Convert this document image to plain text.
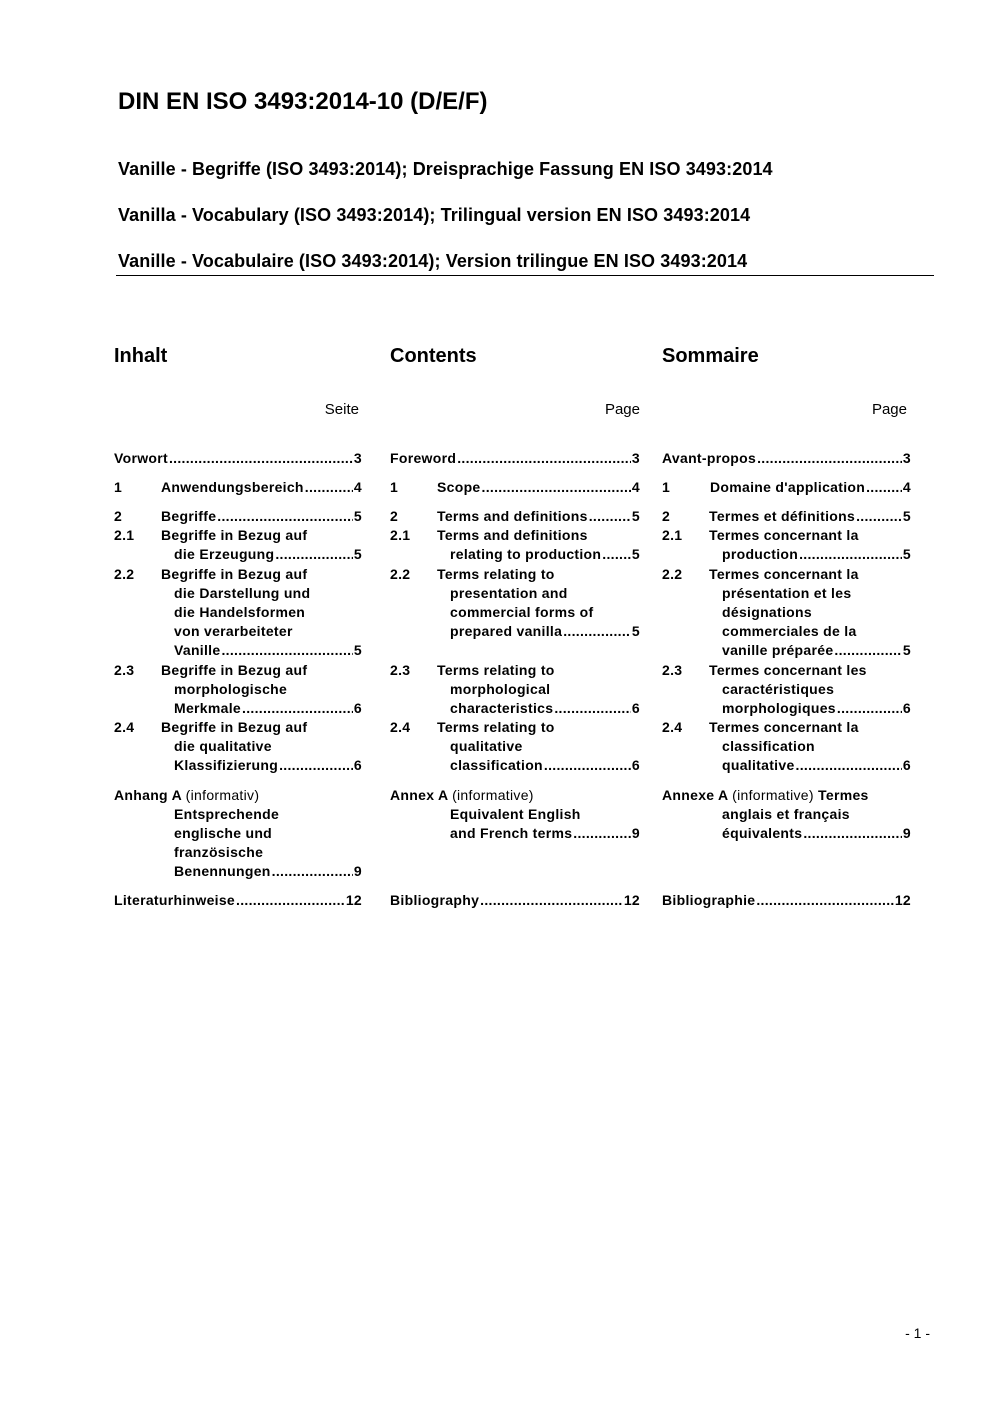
DIN EN ISO 3493:2014-10 (D/E/F)
Vanille - Begriffe (ISO 3493:2014); Dreisprachige Fassung EN ISO 3493:2014
Vanilla - Vocabulary (ISO 3493:2014); Trilingual version EN ISO 3493:2014
Vanille - Vocabulaire (ISO 3493:2014); Version trilingue EN ISO 3493:2014
Inhalt
Seite
Vorwort .....	3
1	Anwendungsbereich .....	4
2	Begriffe .....	5
2.1 Begriffe in Bezug auf
die Erzeugung .....	5
2.2 Begriffe in Bezug auf
die Darstellung und
die Handelsformen
von verarbeiteter
Vanille .....	5
2.3 Begriffe in Bezug auf
morphologische
Merkmale .....	6
2.4 Begriffe in Bezug auf
die qualitative
Klassifizierung .....	6
Anhang A (informativ)
Entsprechende
englische und
französische
Benennungen .....	9
Literaturhinweise .....	12
Contents
Page
Foreword .....	3
1	Scope .....	4
2	Terms and definitions .....	5
2.1 Terms and definitions
relating to production ..... 5
2.2 Terms relating to
presentation and
commercial forms of
prepared vanilla .....	5
2.3 Terms relating to
morphological
characteristics .....	6
2.4 Terms relating to
qualitative
classification .....	6
Annex A (informative)
Equivalent English
and French terms .....	9
Bibliography .....	12
Sommaire
Page
Avant-propos .....	3
1	Domaine d'application .....	4
2	Termes et définitions .....	5
2.1 Termes concernant la
production .....	5
2.2 Termes concernant la
présentation et les
désignations
commerciales de la
vanille préparée .....	5
2.3 Termes concernant les
caractéristiques
morphologiques .....	6
2.4 Termes concernant la
classification
qualitative .....	6
Annexe A (informative) Termes
anglais et français
équivalents .....	9
Bibliographie .....	12
- 1 -
